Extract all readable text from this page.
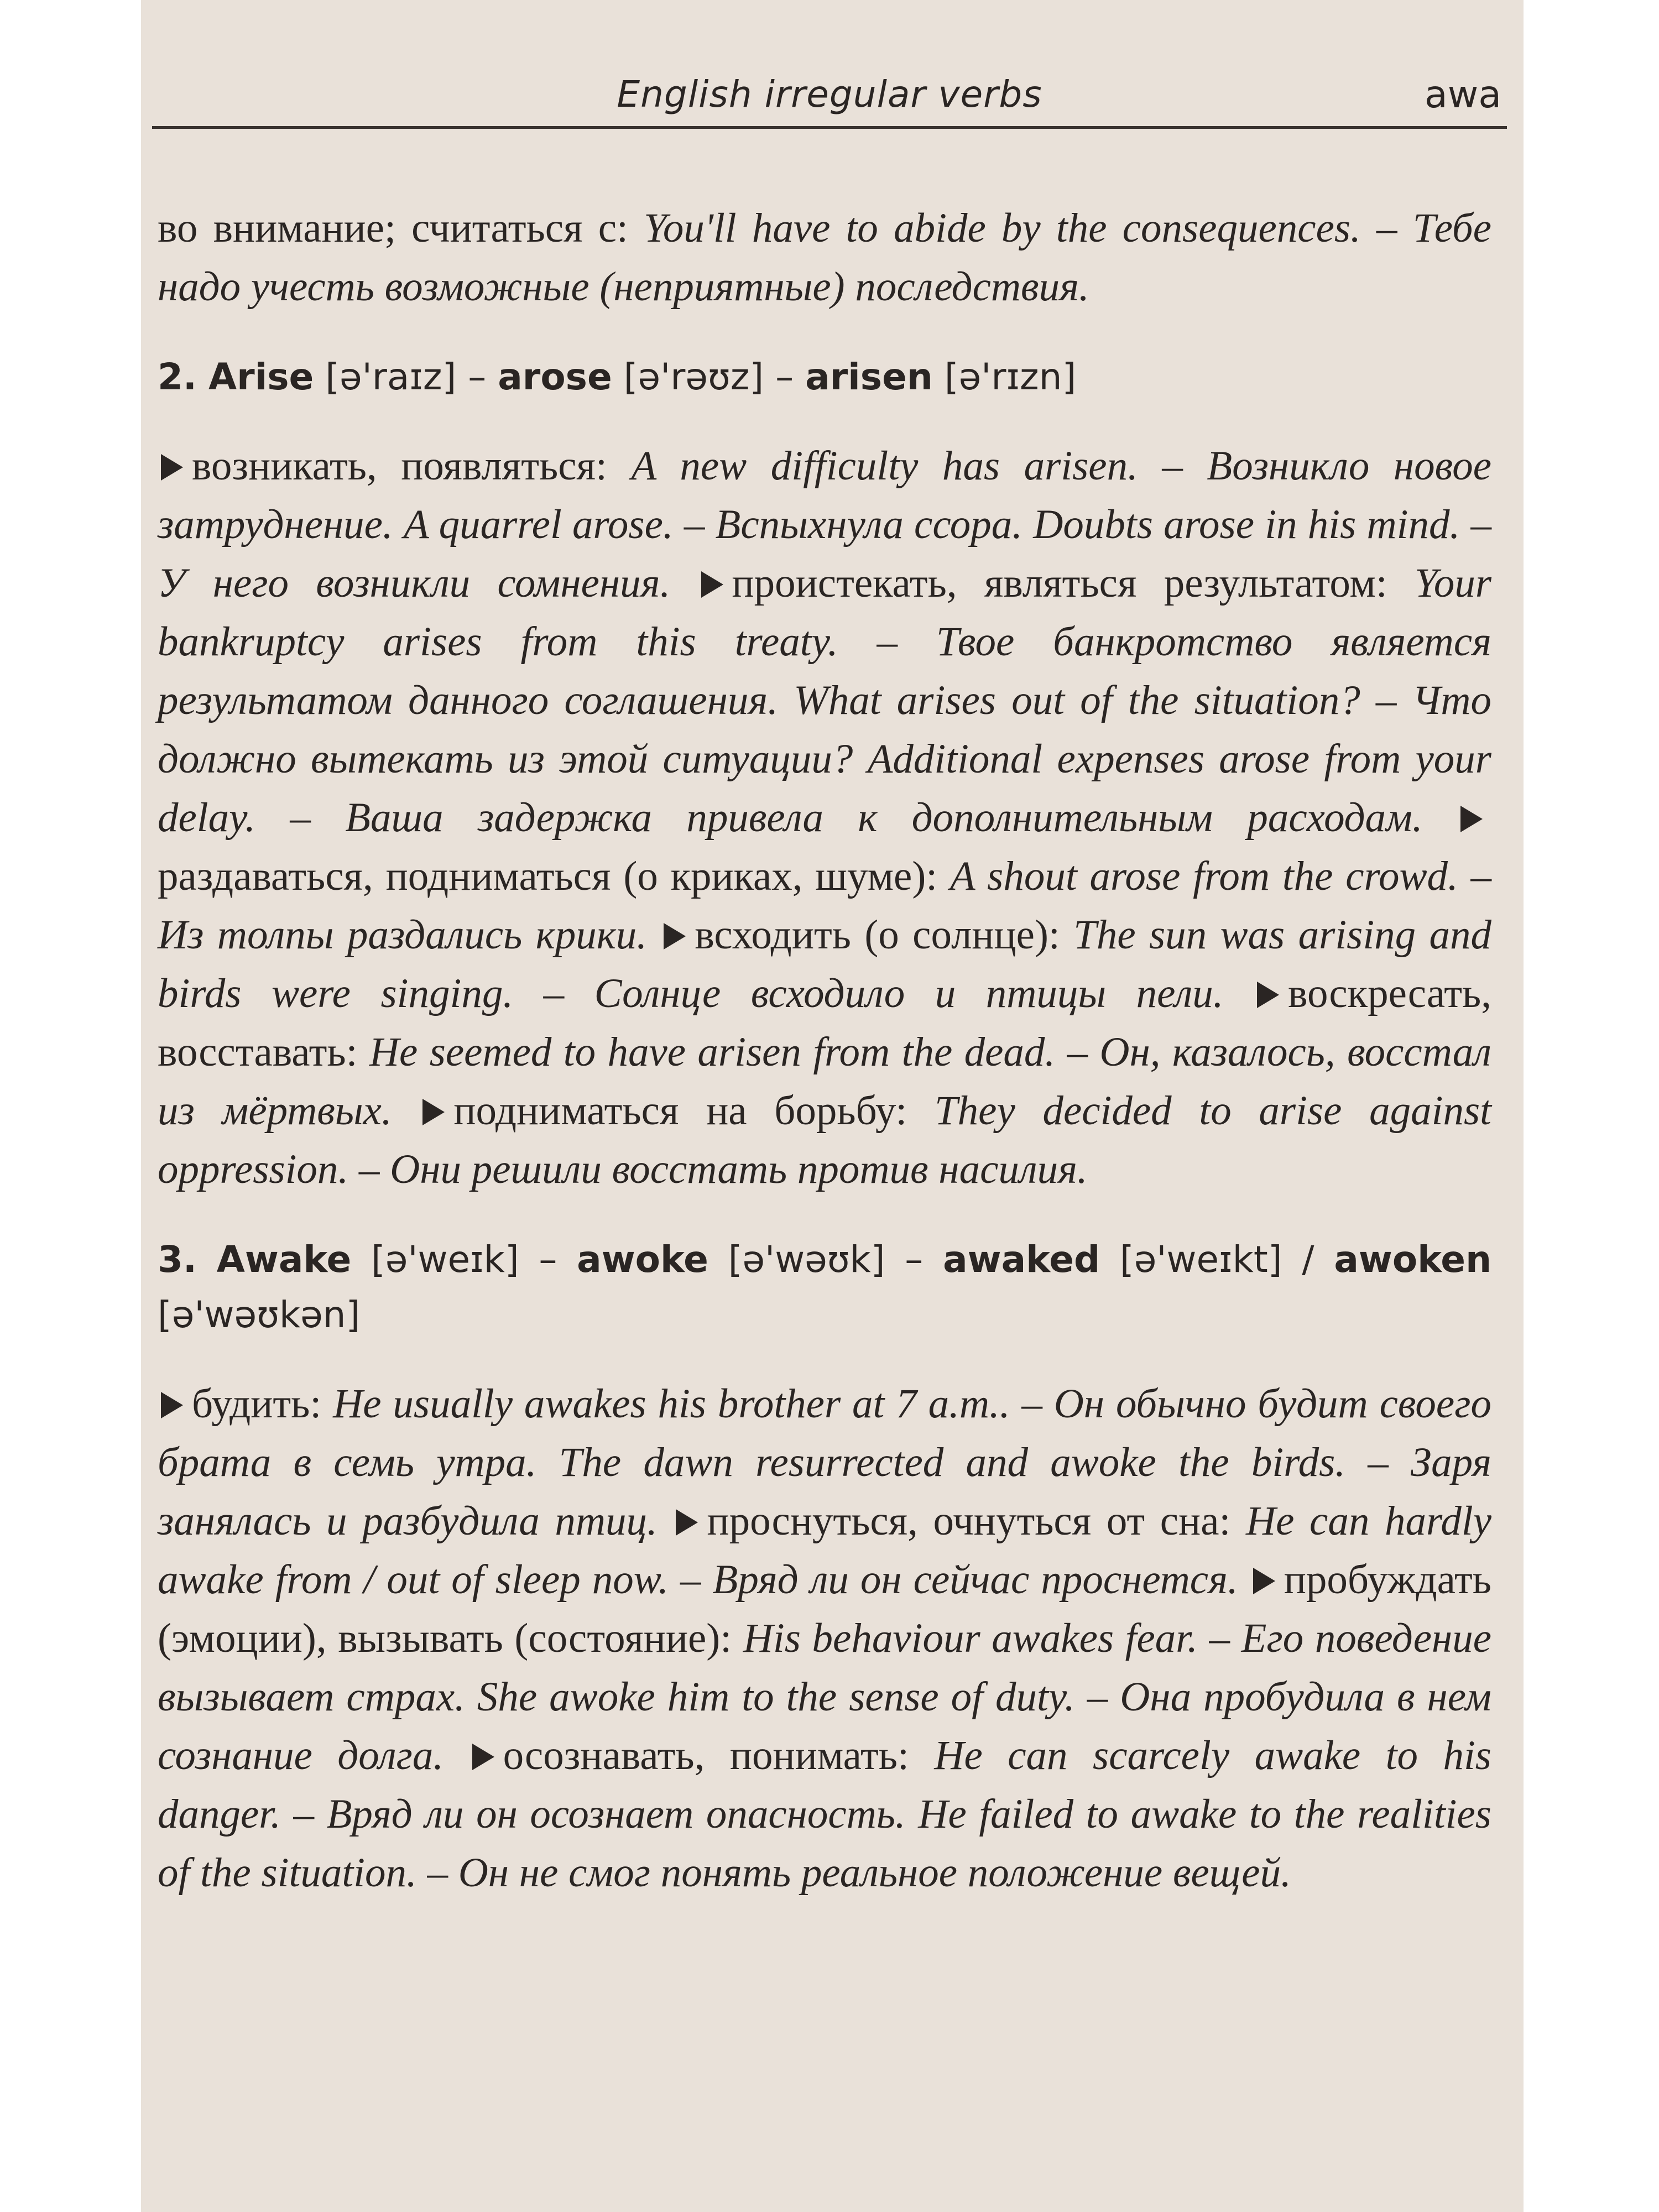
English irregular verbs	awa

во внимание; считаться с: You'll have to abide by the consequences. – Тебе надо учесть возможные (неприятные) последствия.

2. Arise [ə'raɪz] – arose [ə'rəʊz] – arisen [ə'rɪzn]

возникать, появляться: A new difficulty has arisen. – Возникло новое затруднение. A quarrel arose. – Вспыхнула ссора. Doubts arose in his mind. – У него возникли сомнения. проистекать, являться результатом: Your bankruptcy arises from this treaty. – Твое банкротство является результатом данного соглашения. What arises out of the situation? – Что должно вытекать из этой ситуации? Additional expenses arose from your delay. – Ваша задержка привела к дополнительным расходам. раздаваться, подниматься (о криках, шуме): A shout arose from the crowd. – Из толпы раздались крики. всходить (о солнце): The sun was arising and birds were singing. – Солнце всходило и птицы пели. воскресать, восставать: He seemed to have arisen from the dead. – Он, казалось, восстал из мёртвых. подниматься на борьбу: They decided to arise against oppression. – Они решили восстать против насилия.

3. Awake [ə'weɪk] – awoke [ə'wəʊk] – awaked [ə'weɪkt] / awoken [ə'wəʊkən]

будить: He usually awakes his brother at 7 a.m.. – Он обычно будит своего брата в семь утра. The dawn resurrected and awoke the birds. – Заря занялась и разбудила птиц. проснуться, очнуться от сна: He can hardly awake from / out of sleep now. – Вряд ли он сейчас проснется. пробуждать (эмоции), вызывать (состояние): His behaviour awakes fear. – Его поведение вызывает страх. She awoke him to the sense of duty. – Она пробудила в нем сознание долга. осознавать, понимать: He can scarcely awake to his danger. – Вряд ли он осознает опасность. He failed to awake to the realities of the situation. – Он не смог понять реальное положение вещей.
